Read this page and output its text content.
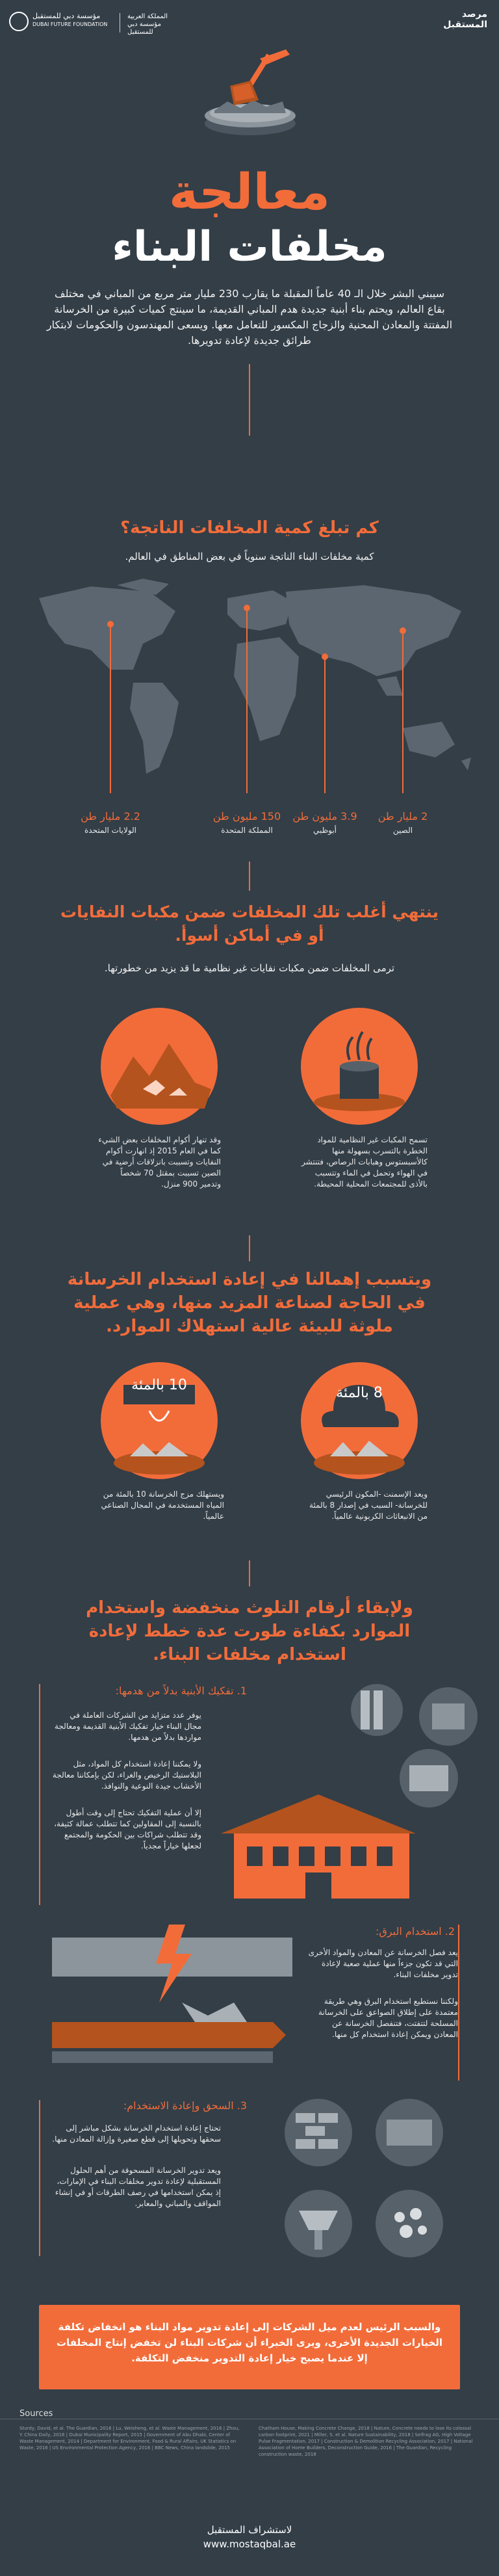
مرصد المستقبل
مؤسسة دبي للمستقبل
DUBAI FUTURE FOUNDATION
المملكة العربية مؤسسة دبي للمستقبل
معالجة
مخلفات البناء
سيبني البشر خلال الـ 40 عاماً المقبلة ما يقارب 230 مليار متر مربع من المباني في مختلف بقاع العالم، ويحتم بناء أبنية جديدة هدم المباني القديمة، ما سينتج كميات كبيرة من الخرسانة المفتتة والمعادن المحنية والزجاج المكسور للتعامل معها. ويسعى المهندسون والحكومات لابتكار طرائق جديدة لإعادة تدويرها.
كم تبلغ كمية المخلفات الناتجة؟
كمية مخلفات البناء الناتجة سنوياً في بعض المناطق في العالم.
2 مليار طن
الصين
3.9 مليون طن
أبوظبي
150 مليون طن
المملكة المتحدة
2.2 مليار طن
الولايات المتحدة
ينتهي أغلب تلك المخلفات ضمن مكبات النفايات
أو في أماكن أسوأ.
ترمى المخلفات ضمن مكبات نفايات غير نظامية ما قد يزيد من خطورتها.
وقد تنهار أكوام المخلفات بعض الشيء كما في العام 2015 إذ انهارت أكوام النفايات وتسببت بانزلاقات أرضية في الصين تسببت بمقتل 70 شخصاً وتدمير 900 منزل.
تسمح المكبات غير النظامية للمواد الخطرة بالتسرب بسهولة منها كالأسبستوس وهبابات الرصاص، فتنتشر في الهواء وتحمل في الماء وتتسبب بالأذى للمجتمعات المحلية المحيطة.
ويتسبب إهمالنا في إعادة استخدام الخرسانة
في الحاجة لصناعة المزيد منها، وهي عملية
ملوثة للبيئة عالية استهلاك الموارد.
10 بالمئة	8 بالمئة
ويستهلك مزج الخرسانة 10 بالمئة من المياه المستخدمة في المجال الصناعي عالمياً.
ويعد الإسمنت -المكون الرئيسي للخرسانة- السبب في إصدار 8 بالمئة من الانبعاثات الكربونية عالمياً.
ولإبقاء أرقام التلوث منخفضة واستخدام
الموارد بكفاءة طورت عدة خطط لإعادة
استخدام مخلفات البناء.
1. تفكيك الأبنية بدلاً من هدمها:
يوفر عدد متزايد من الشركات العاملة في مجال البناء خيار تفكيك الأبنية القديمة ومعالجة مواردها بدلاً من هدمها.
ولا يمكننا إعادة استخدام كل المواد، مثل البلاستيك الرخيص والغراء، لكن بإمكاننا معالجة الأخشاب جيدة النوعية والنوافذ.
إلا أن عملية التفكيك تحتاج إلى وقت أطول بالنسبة إلى المقاولين كما تتطلب عمالة كثيفة، وقد تتطلب شراكات بين الحكومة والمجتمع لجعلها خياراً مجدياً.
2. استخدام البرق:
يعد فصل الخرسانة عن المعادن والمواد الأخرى التي قد تكون جزءاً منها عملية صعبة لإعادة تدوير مخلفات البناء.
ولكننا نستطيع استخدام البرق وهي طريقة معتمدة على إطلاق الصواعق على الخرسانة المسلحة لتتفتت، فتنفصل الخرسانة عن المعادن ويمكن إعادة استخدام كل منها.
3. السحق وإعادة الاستخدام:
تحتاج إعادة استخدام الخرسانة بشكل مباشر إلى سحقها وتحويلها إلى قطع صغيرة وإزالة المعادن منها.
ويعد تدوير الخرسانة المسحوقة من أهم الحلول المستقبلية لإعادة تدوير مخلفات البناء في الإمارات، إذ يمكن استخدامها في رصف الطرقات أو في إنشاء المواقف والمباني والمعابر.

والسبب الرئيس لعدم ميل الشركات إلى إعادة تدوير مواد البناء هو انخفاض تكلفة الخيارات الجديدة الأخرى، ويرى الخبراء أن شركات البناء لن تخفض إنتاج المخلفات إلا عندما يصبح خيار إعادة التدوير منخفض التكلفة.

Sources
Sturdy, David, et al. The Guardian, 2016 | Lu, Weisheng, et al. Waste Management, 2016 | Zhou, Y. China Daily, 2016 | Dubai Municipality Report, 2015 | Government of Abu Dhabi, Center of Waste Management, 2014 | Department for Environment, Food & Rural Affairs, UK Statistics on Waste, 2016 | US Environmental Protection Agency, 2016 | BBC News, China landslide, 2015
Chatham House, Making Concrete Change, 2018 | Nature, Concrete needs to lose its colossal carbon footprint, 2021 | Miller, S. et al. Nature Sustainability, 2018 | Selfrag AG, High Voltage Pulse Fragmentation, 2017 | Construction & Demolition Recycling Association, 2017 | National Association of Home Builders, Deconstruction Guide, 2016 | The Guardian, Recycling construction waste, 2018
لاستشراف المستقبل
www.mostaqbal.ae
